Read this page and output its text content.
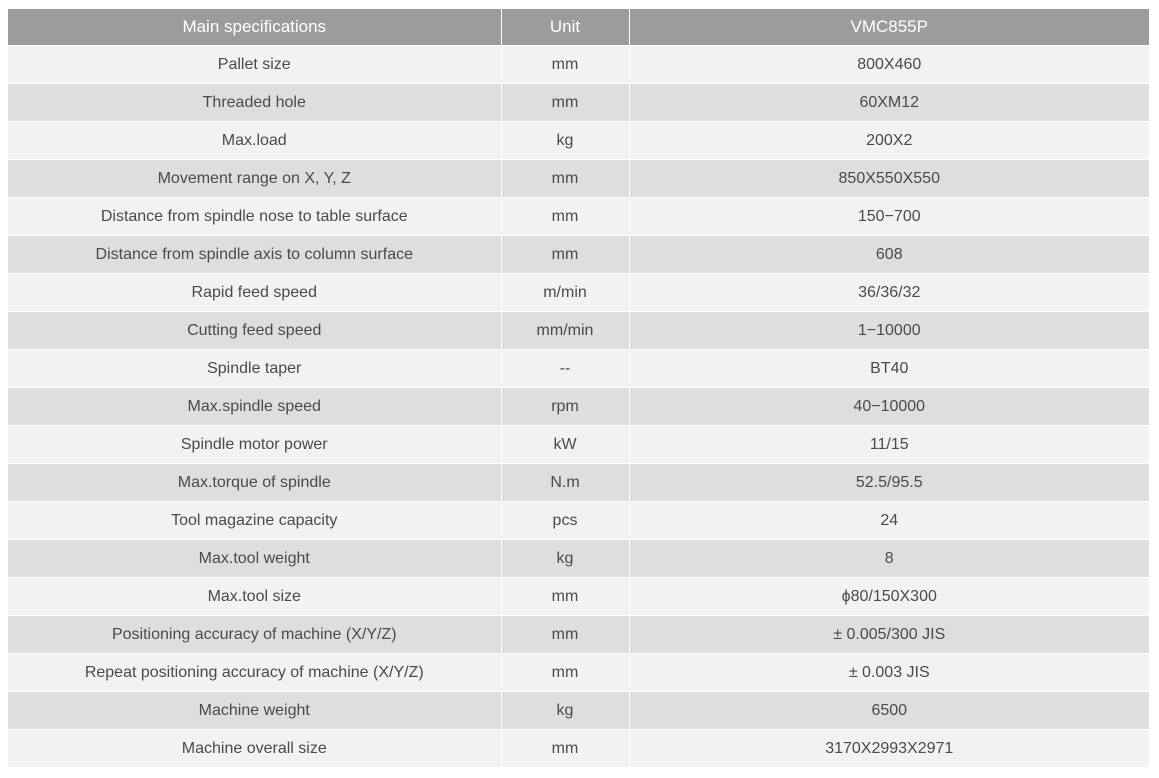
Main specifications	Unit	VMC855P
Pallet size	mm	800X460
Threaded hole	mm	60XM12
Max.load	kg	200X2
Movement range on X, Y, Z	mm	850X550X550
Distance from spindle nose to table surface	mm	150−700
Distance from spindle axis to column surface	mm	608
Rapid feed speed	m/min	36/36/32
Cutting feed speed	mm/min	1−10000
Spindle taper	--	BT40
Max.spindle speed	rpm	40−10000
Spindle motor power	kW	11/15
Max.torque of spindle	N.m	52.5/95.5
Tool magazine capacity	pcs	24
Max.tool weight	kg	8
Max.tool size	mm	ϕ80/150X300
Positioning accuracy of machine (X/Y/Z)	mm	± 0.005/300 JIS
Repeat positioning accuracy of machine (X/Y/Z)	mm	± 0.003 JIS
Machine weight	kg	6500
Machine overall size	mm	3170X2993X2971
